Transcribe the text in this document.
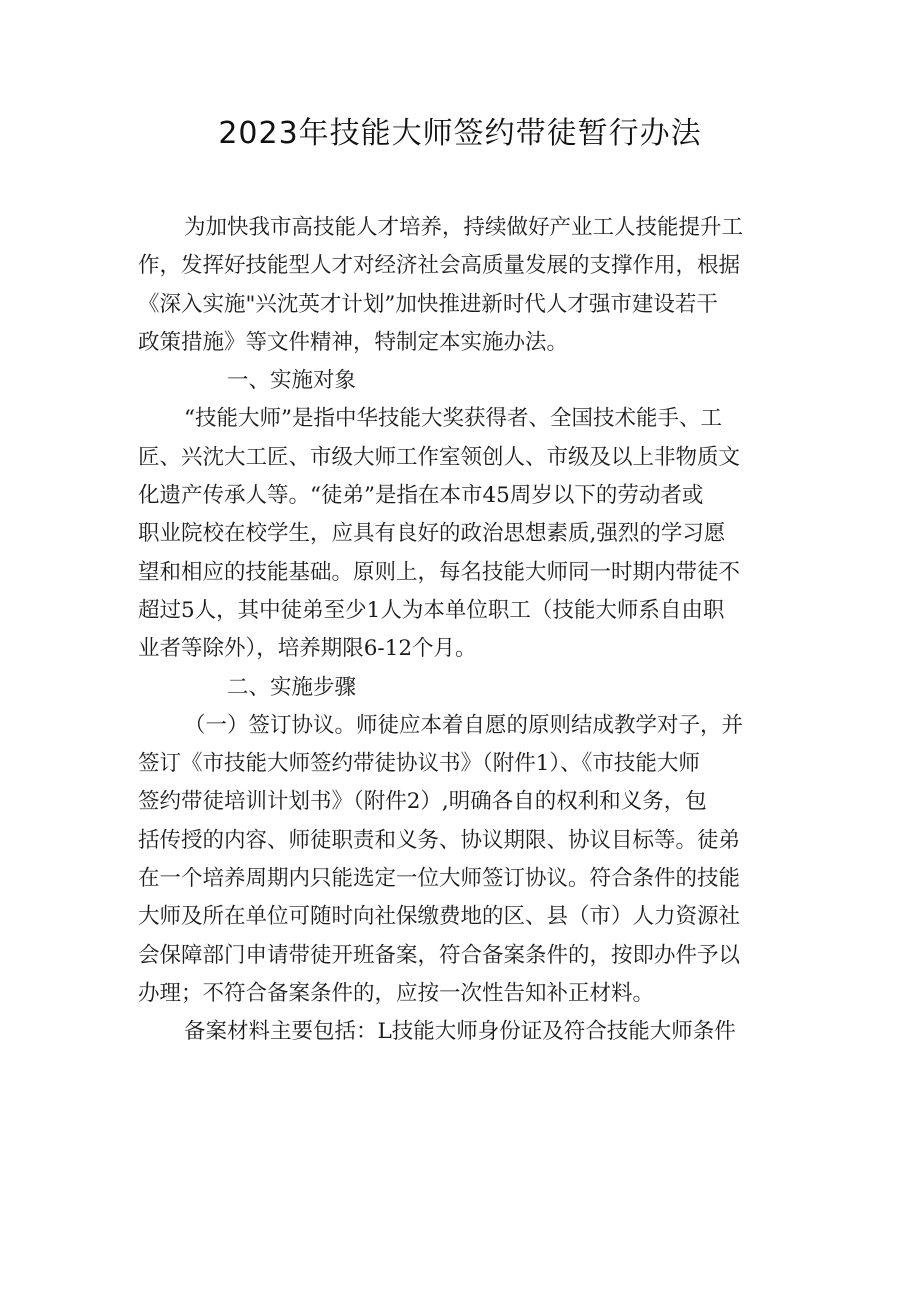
2023年技能大师签约带徒暂行办法

为加快我市高技能人才培养，持续做好产业工人技能提升工
作，发挥好技能型人才对经济社会高质量发展的支撑作用，根据
《深入实施"兴沈英才计划”加快推进新时代人才强市建设若干
政策措施》等文件精神，特制定本实施办法。

一、实施对象

“技能大师”是指中华技能大奖获得者、全国技术能手、工
匠、兴沈大工匠、市级大师工作室领创人、市级及以上非物质文
化遗产传承人等。“徒弟”是指在本市45周岁以下的劳动者或
职业院校在校学生，应具有良好的政治思想素质,强烈的学习愿
望和相应的技能基础。原则上，每名技能大师同一时期内带徒不
超过5人，其中徒弟至少1人为本单位职工（技能大师系自由职
业者等除外），培养期限6-12个月。

二、实施步骤

（一）签订协议。师徒应本着自愿的原则结成教学对子，并
签订《市技能大师签约带徒协议书》（附件1）、《市技能大师
签约带徒培训计划书》（附件2）,明确各自的权利和义务，包
括传授的内容、师徒职责和义务、协议期限、协议目标等。徒弟
在一个培养周期内只能选定一位大师签订协议。符合条件的技能
大师及所在单位可随时向社保缴费地的区、县（市）人力资源社
会保障部门申请带徒开班备案，符合备案条件的，按即办件予以
办理；不符合备案条件的，应按一次性告知补正材料。

备案材料主要包括：L技能大师身份证及符合技能大师条件
